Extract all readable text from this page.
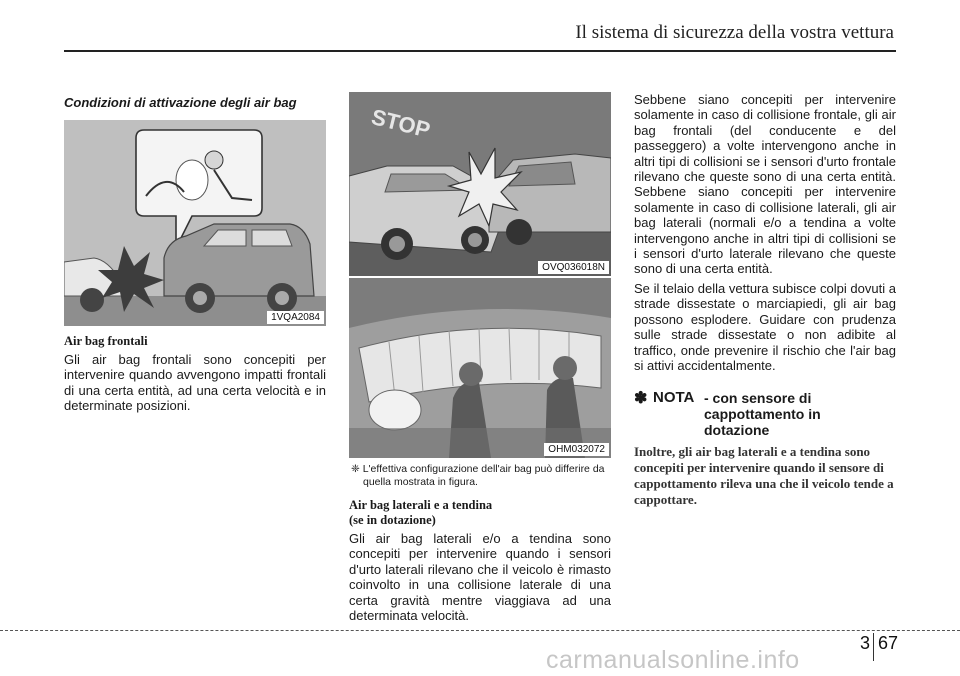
Il sistema di sicurezza della vostra vettura
Condizioni di attivazione degli air bag
1VQA2084
Air bag frontali
Gli air bag frontali sono concepiti per intervenire quando avvengono impatti frontali di una certa entità, ad una certa velocità e in determinate posizioni.
STOP
OVQ036018N
OHM032072
❈ L'effettiva configurazione dell'air bag può differire da quella mostrata in figura.
Air bag laterali e a tendina
(se in dotazione)
Gli air bag laterali e/o a tendina sono concepiti per intervenire quando i sensori d'urto laterali rilevano che il veicolo è rimasto coinvolto in una collisione laterale di una certa gravità mentre viaggiava ad una determinata velocità.
Sebbene siano concepiti per intervenire solamente in caso di collisione frontale, gli air bag frontali (del conducente e del passeggero) a volte intervengono anche in altri tipi di collisioni se i sensori d'urto frontale rilevano che queste sono di una certa entità. Sebbene siano concepiti per intervenire solamente in caso di collisione laterali, gli air bag laterali (normali e/o a tendina a volte intervengono anche in altri tipi di collisioni se i sensori d'urto laterale rilevano che queste sono di una certa entità.
Se il telaio della vettura subisce colpi dovuti a strade dissestate o marciapiedi, gli air bag possono esplodere. Guidare con prudenza sulle strade dissestate o non adibite al traffico, onde prevenire il rischio che l'air bag si attivi accidentalmente.
✽ NOTA - con sensore di cappottamento in dotazione
Inoltre, gli air bag laterali e a tendina sono concepiti per intervenire quando il sensore di cappottamento rileva una che il veicolo tende a cappottare.
3 67
carmanualsonline.info
